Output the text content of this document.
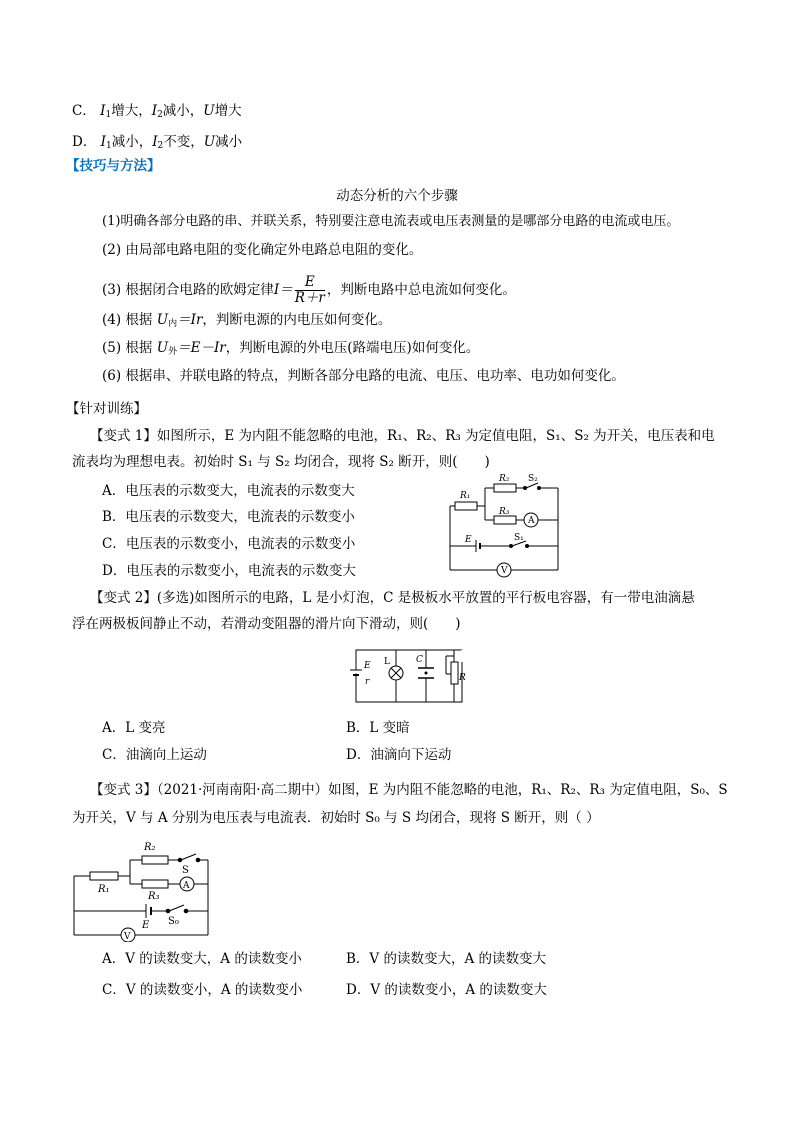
C． $I_1$增大，$I_2$减小，U增大
D． $I_1$减小，$I_2$不变，U减小
【技巧与方法】
动态分析的六个步骤
(1)明确各部分电路的串、并联关系，特别要注意电流表或电压表测量的是哪部分电路的电流或电压。
(2) 由局部电路电阻的变化确定外电路总电阻的变化。
(3) 根据闭合电路的欧姆定律$I= \frac{E}{R+r}$ ，判断电路中总电流如何变化。
(4) 根据 $U_内=Ir$，判断电源的内电压如何变化。
(5) 根据 $U_外=E-Ir$，判断电源的外电压(路端电压)如何变化。
(6) 根据串、并联电路的特点，判断各部分电路的电流、电压、电功率、电功如何变化。
【针对训练】
【变式 1】如图所示，E 为内阻不能忽略的电池，R₁、R₂、R₃ 为定值电阻，S₁、S₂ 为开关，电压表和电
流表均为理想电表。初始时 S₁ 与 S₂ 均闭合，现将 S₂ 断开，则(　　)
A．电压表的示数变大，电流表的示数变大
B．电压表的示数变大，电流表的示数变小
C．电压表的示数变小，电流表的示数变小
D．电压表的示数变小，电流表的示数变大
R₁
R₂ S₂
R₃
A
E	S₁
V
【变式 2】(多选)如图所示的电路，L 是小灯泡，C 是极板水平放置的平行板电容器，有一带电油滴悬
浮在两极板间静止不动，若滑动变阻器的滑片向下滑动，则(　　)
E
r
L	C
R
A．L 变亮	B．L 变暗
C．油滴向上运动	D．油滴向下运动
【变式 3】（2021·河南南阳·高二期中）如图，E 为内阻不能忽略的电池，R₁、R₂、R₃ 为定值电阻，S₀、S
为开关，V 与 A 分别为电压表与电流表．初始时 S₀ 与 S 均闭合，现将 S 断开，则（ ）
R₂
S
R₁	A
R₃
S₀
E
V
A．V 的读数变大，A 的读数变小	B．V 的读数变大，A 的读数变大
C．V 的读数变小，A 的读数变小	D．V 的读数变小，A 的读数变大
